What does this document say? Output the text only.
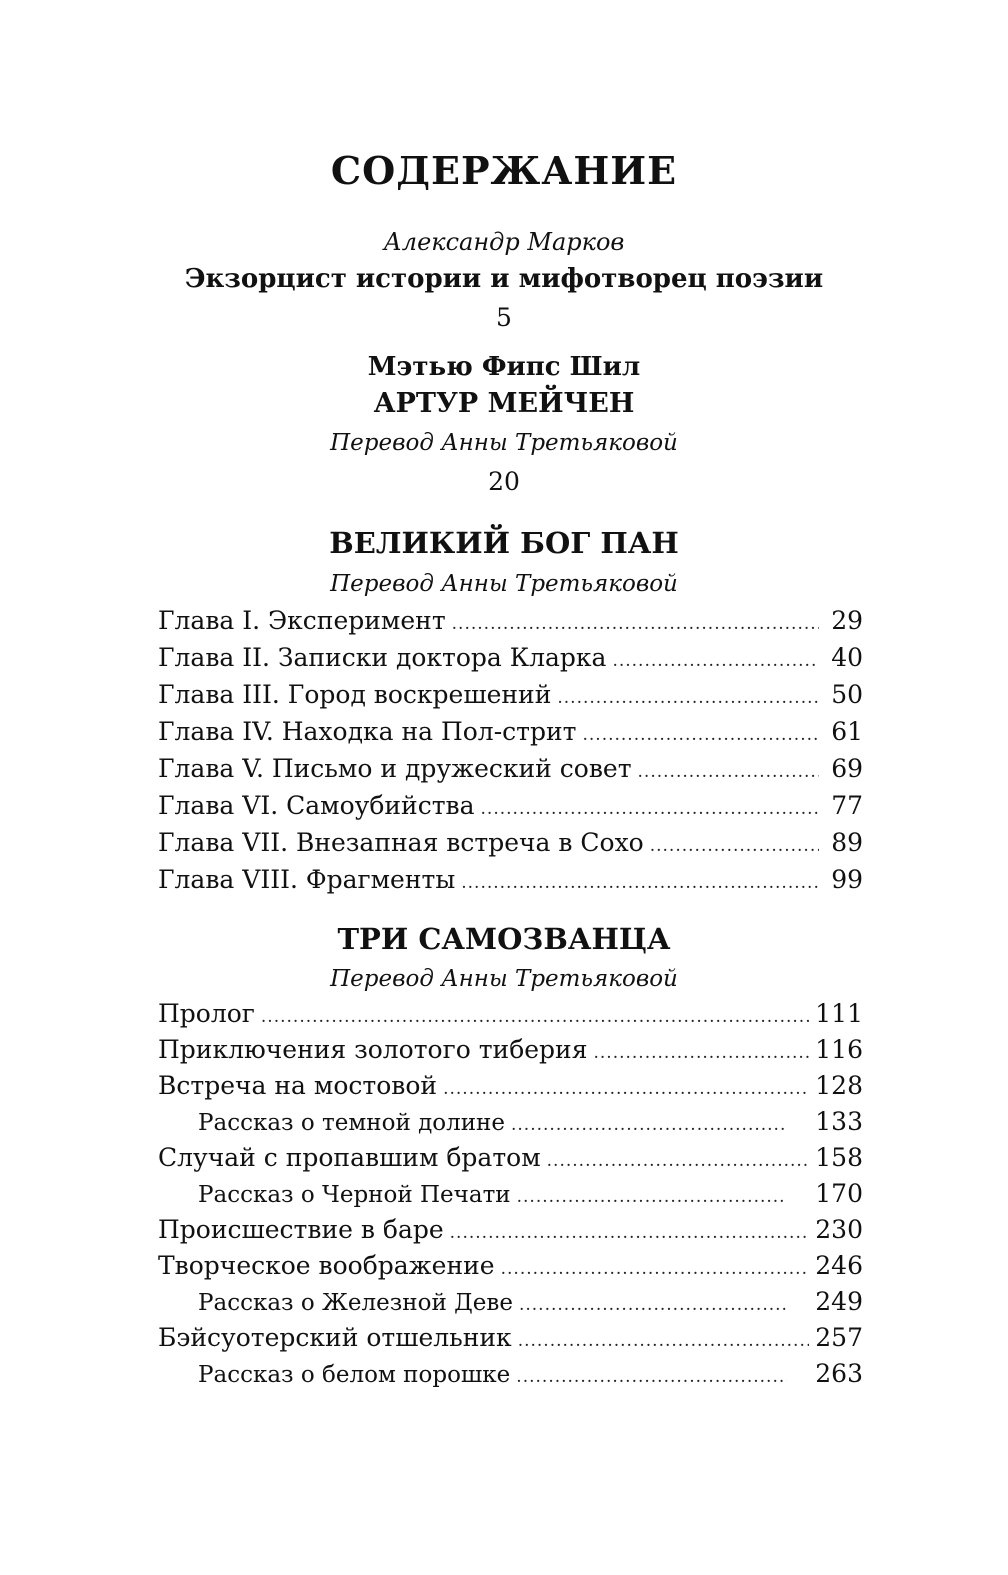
СОДЕРЖАНИЕ
Александр Марков
Экзорцист истории и мифотворец поэзии
5
Мэтью Фипс Шил
АРТУР МЕЙЧЕН
Перевод Анны Третьяковой
20
ВЕЛИКИЙ БОГ ПАН
Перевод Анны Третьяковой
Глава I. Эксперимент .....	29
Глава II. Записки доктора Кларка .....	40
Глава III. Город воскрешений .....	50
Глава IV. Находка на Пол-стрит .....	61
Глава V. Письмо и дружеский совет .....	69
Глава VI. Самоубийства .....	77
Глава VII. Внезапная встреча в Сохо .....	89
Глава VIII. Фрагменты .....	99
ТРИ САМОЗВАНЦА
Перевод Анны Третьяковой
Пролог .....	111
Приключения золотого тиберия .....	116
Встреча на мостовой .....	128
Рассказ о темной долине .....	133
Случай с пропавшим братом .....	158
Рассказ о Черной Печати .....	170
Происшествие в баре .....	230
Творческое воображение .....	246
Рассказ о Железной Деве .....	249
Бэйсуотерский отшельник .....	257
Рассказ о белом порошке .....	263
